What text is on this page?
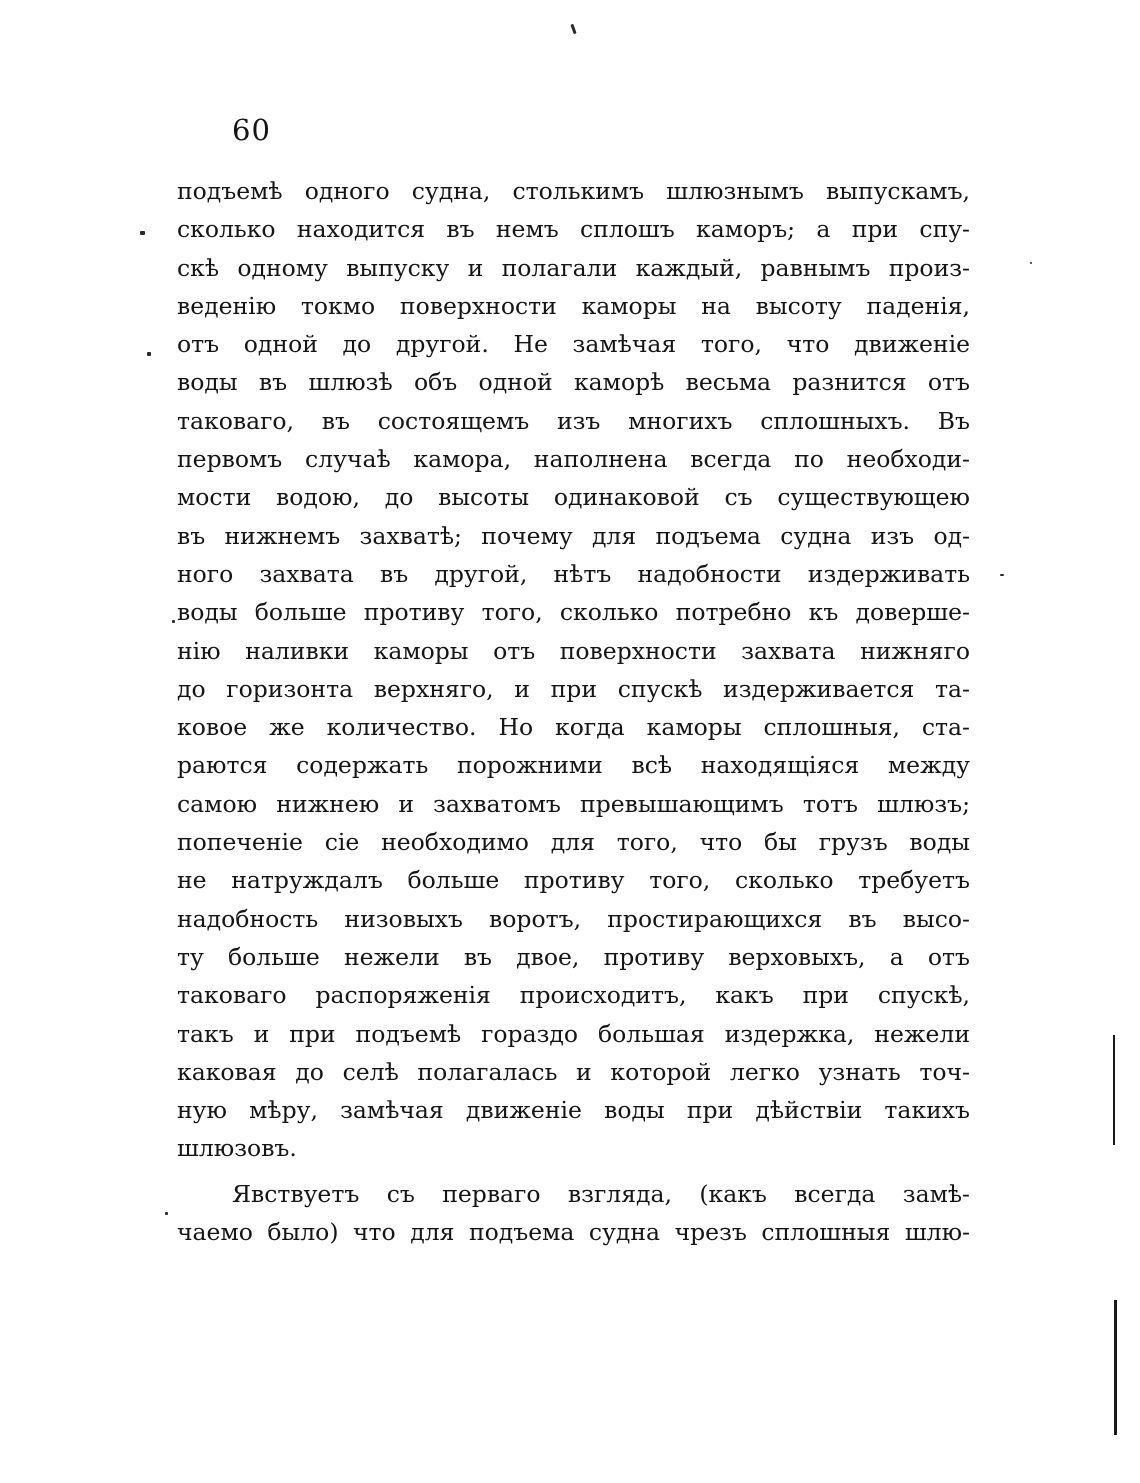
60
подъемѣ одного судна, столькимъ шлюзнымъ выпускамъ,
сколько находится въ немъ сплошъ каморъ; а при спу-
скѣ одному выпуску и полагали каждый, равнымъ произ-
веденію токмо поверхности каморы на высоту паденія,
отъ одной до другой. Не замѣчая того, что движеніе
воды въ шлюзѣ объ одной каморѣ весьма разнится отъ
таковаго, въ состоящемъ изъ многихъ сплошныхъ. Въ
первомъ случаѣ камора, наполнена всегда по необходи-
мости водою, до высоты одинаковой съ существующею
въ нижнемъ захватѣ; почему для подъема судна изъ од-
ного захвата въ другой, нѣтъ надобности издерживать
воды больше противу того, сколько потребно къ доверше-
нію наливки каморы отъ поверхности захвата нижняго
до горизонта верхняго, и при спускѣ издерживается та-
ковое же количество. Но когда каморы сплошныя, ста-
раются содержать порожними всѣ находящіяся между
самою нижнею и захватомъ превышающимъ тотъ шлюзъ;
попеченіе сіе необходимо для того, что бы грузъ воды
не натруждалъ больше противу того, сколько требуетъ
надобность низовыхъ воротъ, простирающихся въ высо-
ту больше нежели въ двое, противу верховыхъ, а отъ
таковаго распоряженія происходитъ, какъ при спускѣ,
такъ и при подъемѣ гораздо большая издержка, нежели
каковая до селѣ полагалась и которой легко узнать точ-
ную мѣру, замѣчая движеніе воды при дѣйствіи такихъ
шлюзовъ.
Явствуетъ съ перваго взгляда, (какъ всегда замѣ-
чаемо было) что для подъема судна чрезъ сплошныя шлю-
